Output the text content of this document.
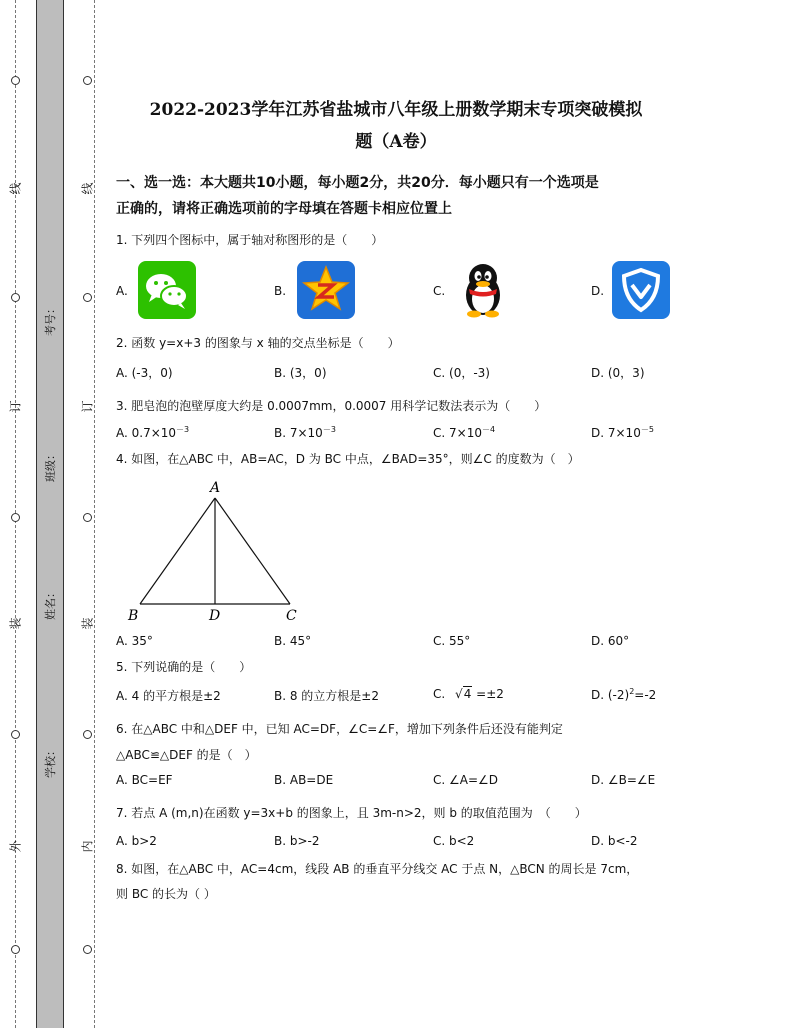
线
订
装
外
线
订
装
内
考号：
班级：
姓名：
学校：
2022-2023学年江苏省盐城市八年级上册数学期末专项突破模拟
题（A卷）
一、选一选：本大题共10小题，每小题2分，共20分．每小题只有一个选项是
正确的，请将正确选项前的字母填在答题卡相应位置上
1. 下列四个图标中，属于轴对称图形的是（　　）
A.	B.	C.	D.
2. 函数 y=x+3 的图象与 x 轴的交点坐标是（　　）
A. (-3，0)	B. (3，0)	C. (0，-3)	D. (0，3)
3. 肥皂泡的泡壁厚度大约是 0.0007mm，0.0007 用科学记数法表示为（　　）
A. $0.7\times 10^{-3}$	B. $7\times 10^{-3}$	C. $7\times 10^{-4}$	D. $7\times 10^{-5}$
4. 如图，在△ABC 中，AB=AC，D 为 BC 中点，∠BAD=35°，则∠C 的度数为（　）
A
B	D	C
A. 35°	B. 45°	C. 55°	D. 60°
5. 下列说确的是（　　）
A. 4 的平方根是±2	B. 8 的立方根是±2	C. √4 =±2	D. $(-2)^2=-2$
6. 在△ABC 中和△DEF 中，已知 AC=DF，∠C=∠F，增加下列条件后还没有能判定
△ABC≌△DEF 的是（　）
A. BC=EF	B. AB=DE	C. ∠A=∠D	D. ∠B=∠E
7. 若点 A (m,n)在函数 y=3x+b 的图象上，且 3m-n>2，则 b 的取值范围为　（　　）
A. b>2	B. b>-2	C. b<2	D. b<-2
8. 如图，在△ABC 中，AC=4cm，线段 AB 的垂直平分线交 AC 于点 N，△BCN 的周长是 7cm，
则 BC 的长为（ ）
